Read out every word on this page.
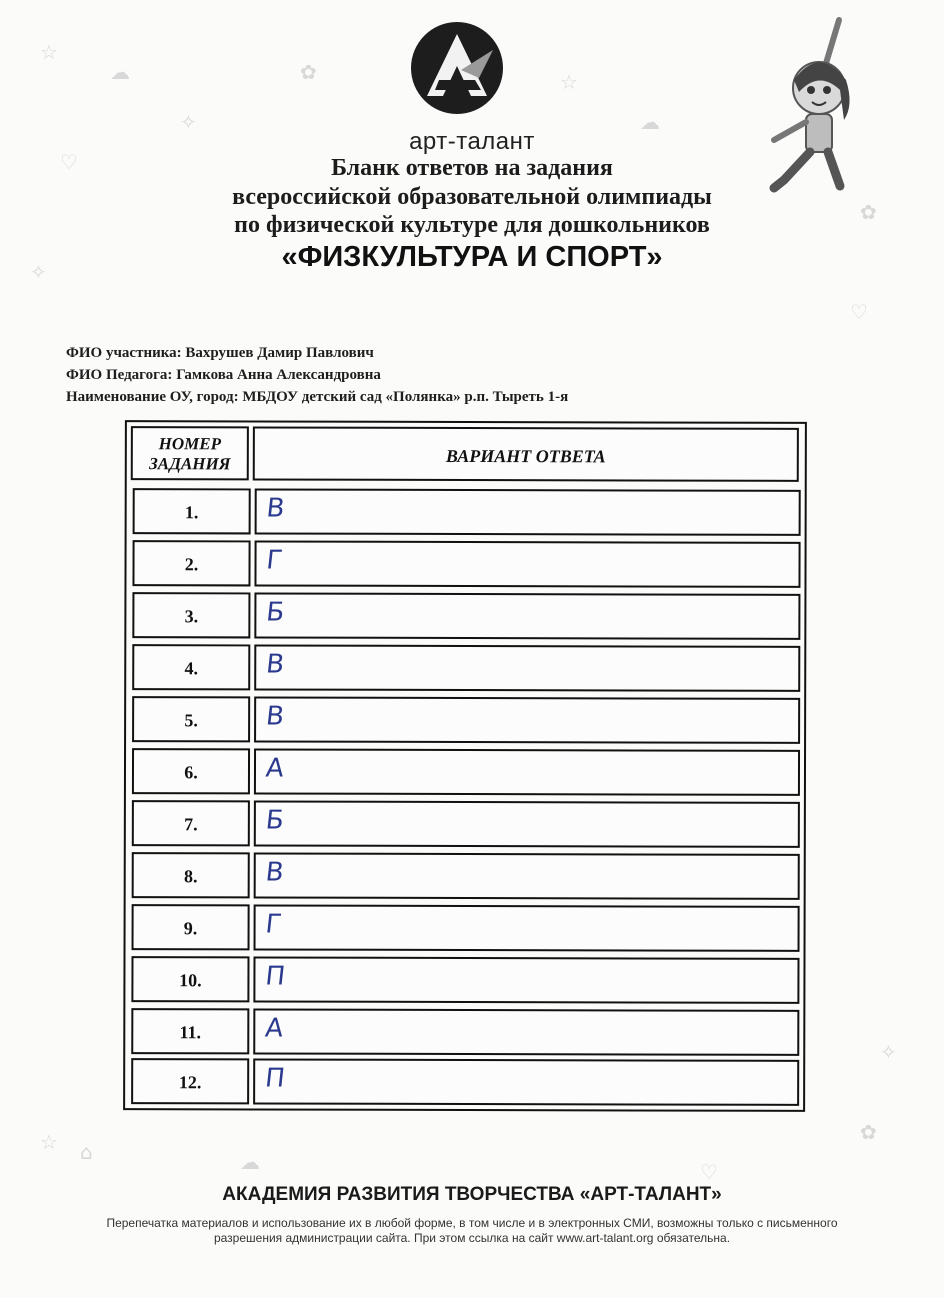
☆
☁
✧
♡
✿	☆
☁
✿
✧
♡
☆ ⌂
✿
☁	♡
✧
арт-талант
Бланк ответов на задания
всероссийской образовательной олимпиады
по физической культуре для дошкольников
«ФИЗКУЛЬТУРА И СПОРТ»
ФИО участника: Вахрушев Дамир Павлович
ФИО Педагога: Гамкова Анна Александровна
Наименование ОУ, город: МБДОУ детский сад «Полянка» р.п. Тыреть 1-я
НОМЕР ЗАДАНИЯ	ВАРИАНТ ОТВЕТА
1.	В
2.	Г
3.	Б
4.	В
5.	В
6.	А
7.	Б
8.	В
9.	Г
10.	П
11.	А
12.	П
АКАДЕМИЯ РАЗВИТИЯ ТВОРЧЕСТВА «АРТ-ТАЛАНТ»
Перепечатка материалов и использование их в любой форме, в том числе и в электронных СМИ, возможны только с письменного разрешения администрации сайта. При этом ссылка на сайт www.art-talant.org обязательна.
